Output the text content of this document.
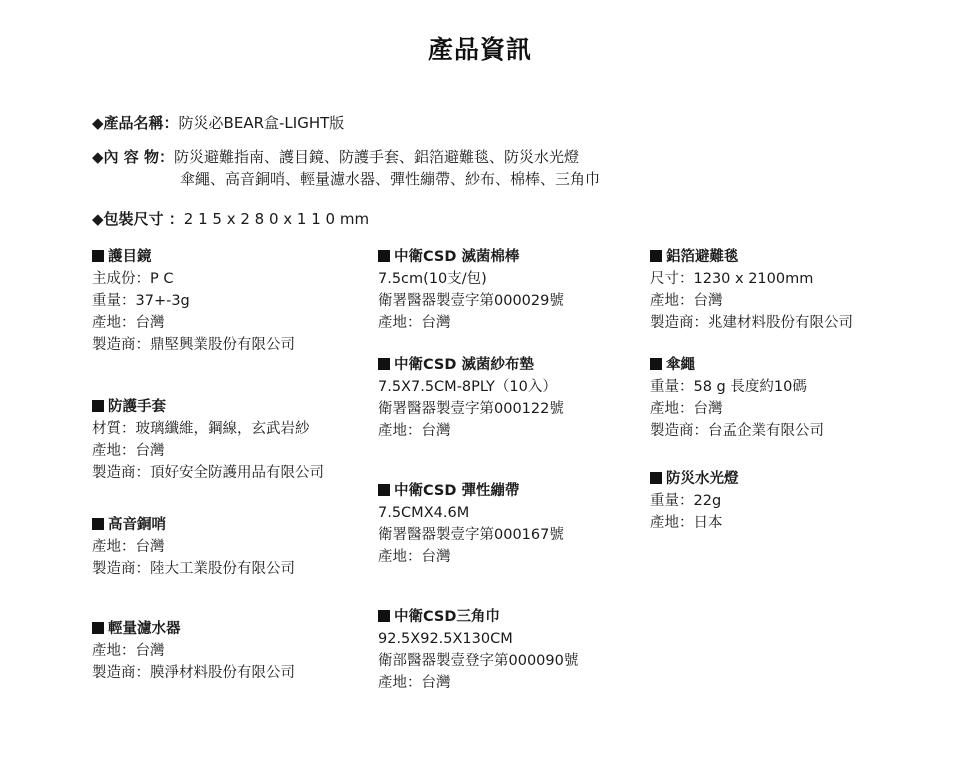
產品資訊
◆產品名稱：防災必BEAR盒-LIGHT版
◆內 容 物：防災避難指南、護目鏡、防護手套、鋁箔避難毯、防災水光燈
傘繩、高音銅哨、輕量濾水器、彈性繃帶、紗布、棉棒、三角巾
◆包裝尺寸 ：2 1 5 x 2 8 0 x 1 1 0 mm
護目鏡
主成份：P C
重量：37+-3g
產地：台灣
製造商：鼎堅興業股份有限公司
防護手套
材質：玻璃纖維，鋼線，玄武岩紗
產地：台灣
製造商：頂好安全防護用品有限公司
高音銅哨
產地：台灣
製造商：陸大工業股份有限公司
輕量濾水器
產地：台灣
製造商：膜淨材料股份有限公司
中衛CSD 滅菌棉棒
7.5cm(10支/包)
衛署醫器製壹字第000029號
產地：台灣
中衛CSD 滅菌紗布墊
7.5X7.5CM-8PLY（10入）
衛署醫器製壹字第000122號
產地：台灣
中衛CSD 彈性繃帶
7.5CMX4.6M
衛署醫器製壹字第000167號
產地：台灣
中衛CSD三角巾
92.5X92.5X130CM
衛部醫器製壹登字第000090號
產地：台灣
鋁箔避難毯
尺寸：1230 x 2100mm
產地：台灣
製造商：兆建材料股份有限公司
傘繩
重量：58 g 長度約10碼
產地：台灣
製造商：台孟企業有限公司
防災水光燈
重量：22g
產地：日本
